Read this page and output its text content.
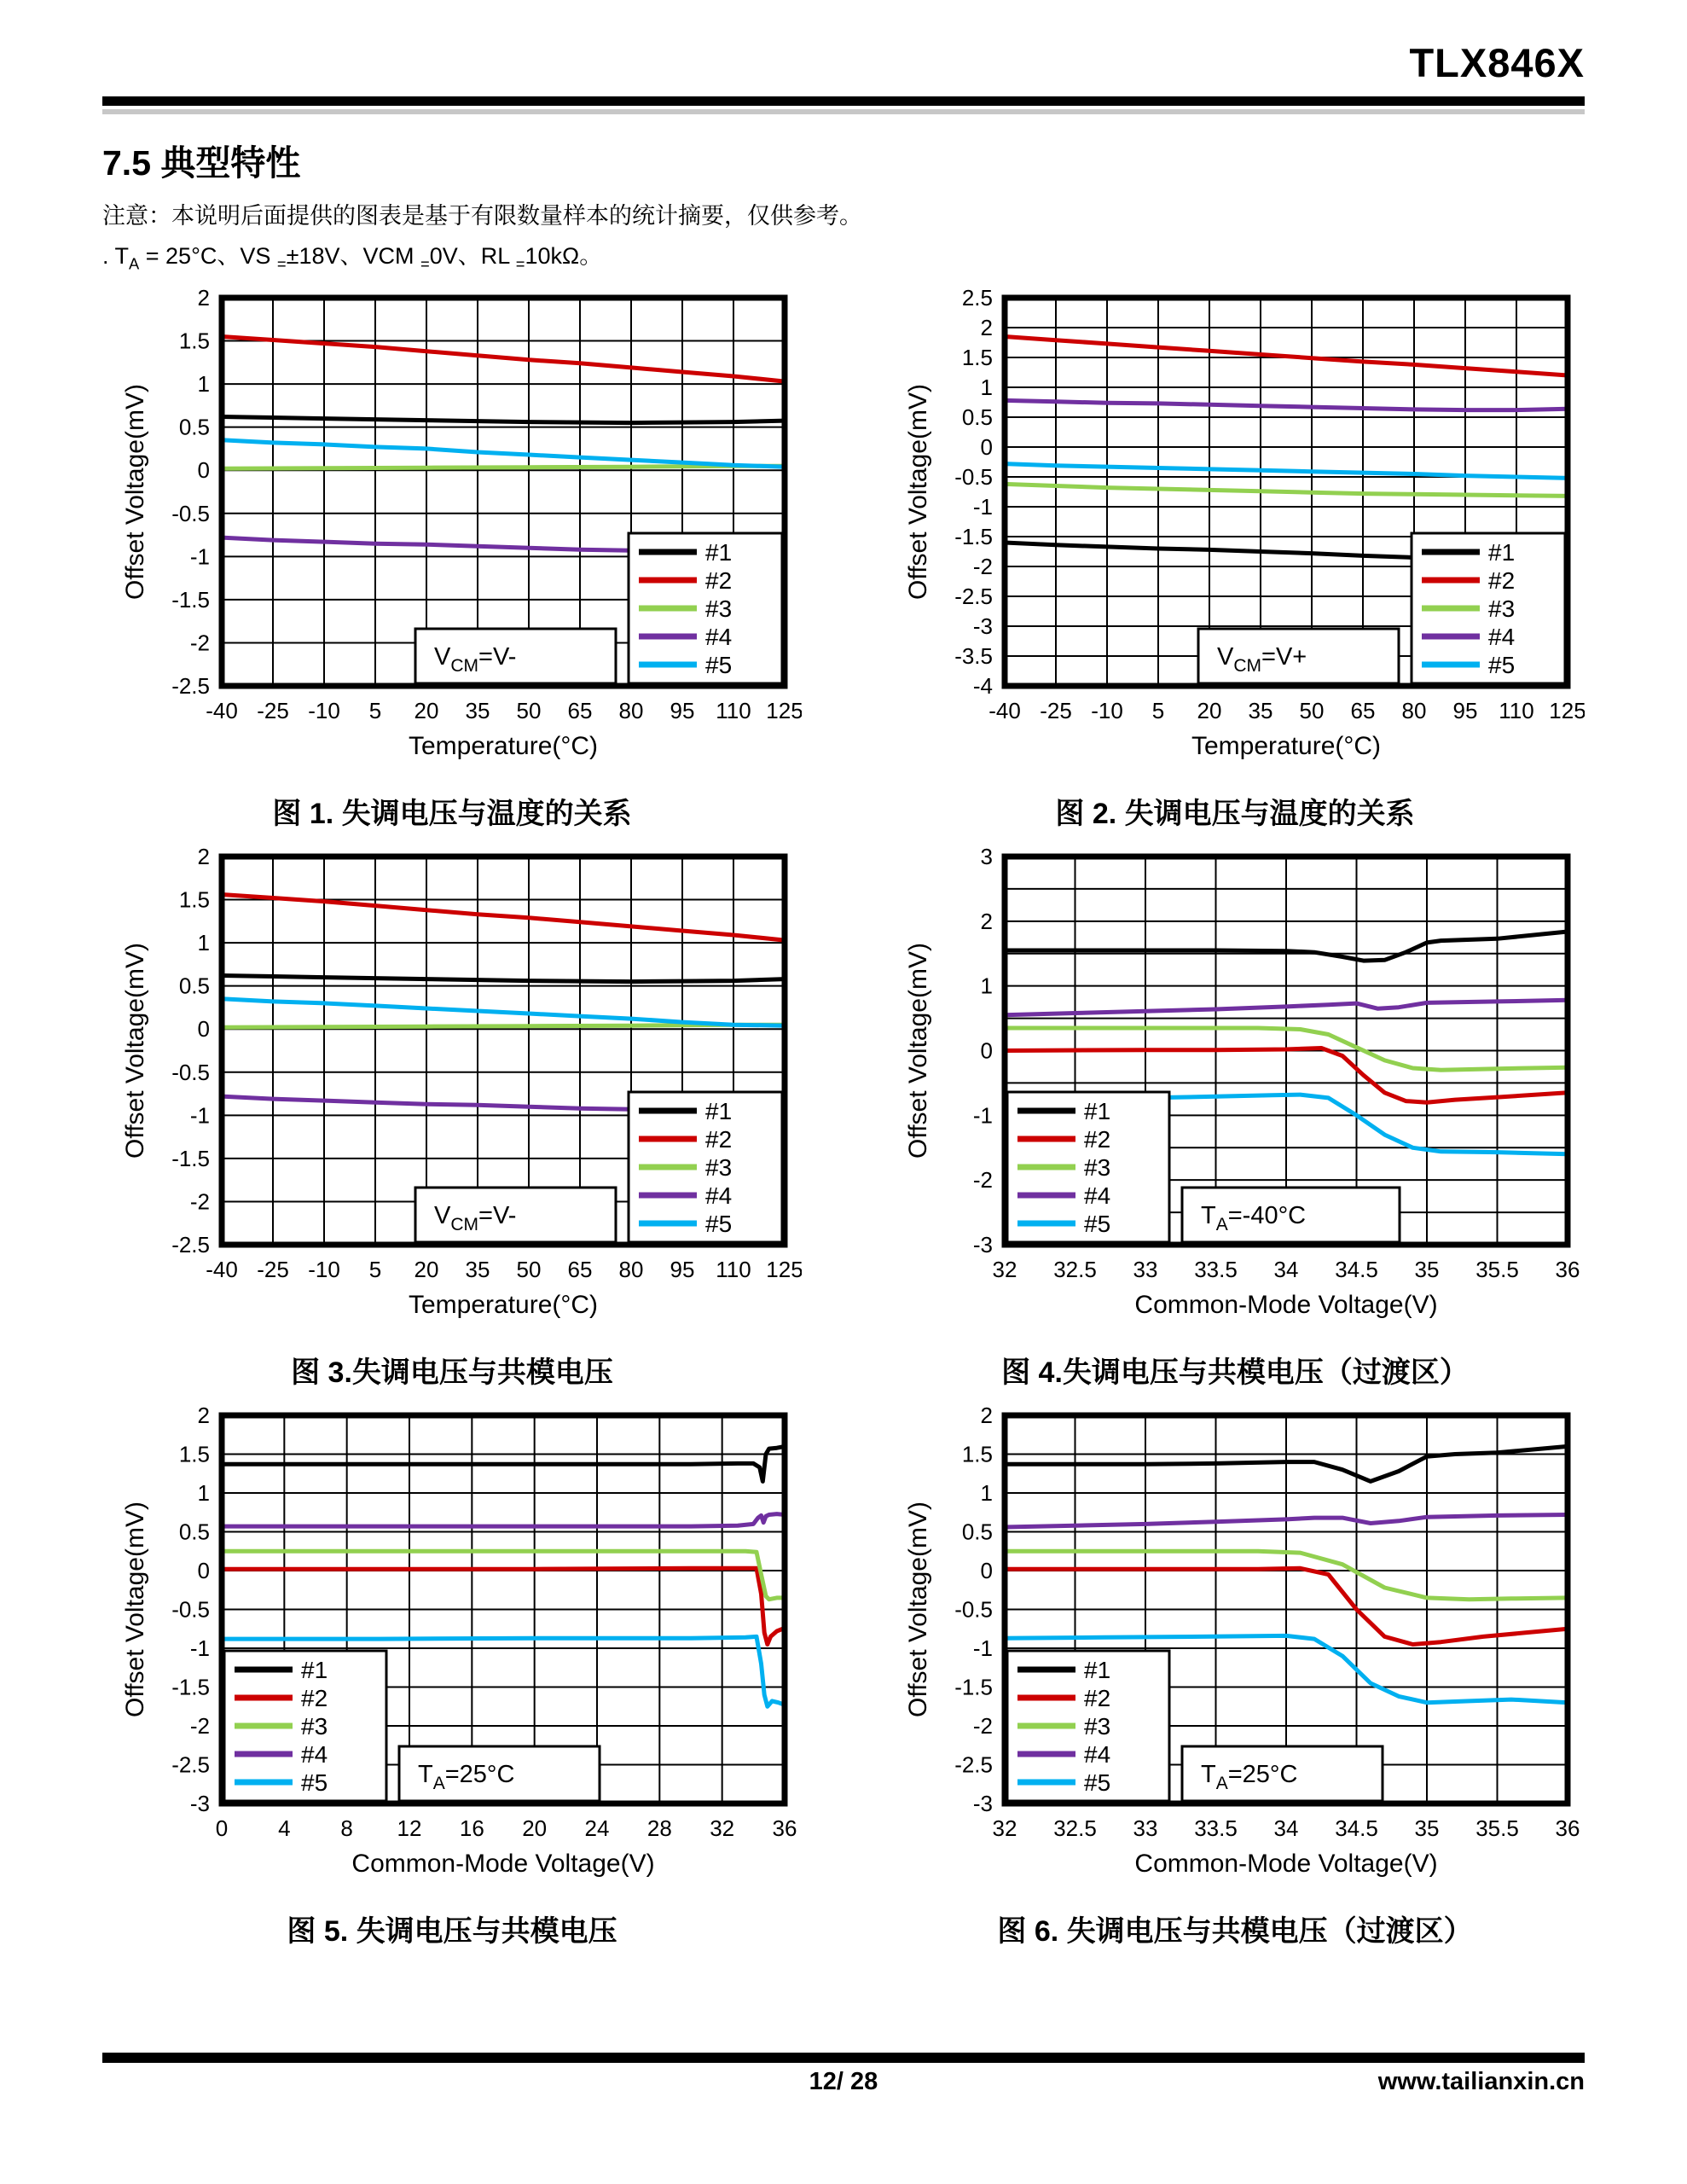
TLX846X
7.5 典型特性
注意：本说明后面提供的图表是基于有限数量样本的统计摘要，仅供参考。
. $T_A = 25^\circ C$、VS $_=$±18V、VCM $_=$0V、RL $_=$10kΩ。
#1
#2
#3
#4
#5
$V_{CM}=V-$
-40 -25 -10 5 20 35 50 65 80 95 110 125
Temperature(°C)
2
1.5
1
0.5
0
-0.5
-1
-1.5
-2
-2.5
Offset Voltage(mV)
图 1. 失调电压与温度的关系
#1
#2
#3
#4
#5
$V_{CM}=V+$
-40 -25 -10 5 20 35 50 65 80 95 110 125
Temperature(°C)
2.5
2
1.5
1
0.5
0
-0.5
-1
-1.5
-2
-2.5
-3
-3.5
-4
Offset Voltage(mV)
图 2. 失调电压与温度的关系
#1
#2
#3
#4
#5
$V_{CM}=V-$
-40 -25 -10 5 20 35 50 65 80 95 110 125
Temperature(°C)
2
1.5
1
0.5
0
-0.5
-1
-1.5
-2
-2.5
Offset Voltage(mV)
图 3.失调电压与共模电压
#1
#2
#3
#4
#5	$T_A=-40^\circ C$
32 32.5 33 33.5 34 34.5 35 35.5 36
Common-Mode Voltage(V)
3
2
1
0
-1
-2
-3
Offset Voltage(mV)
图 4.失调电压与共模电压（过渡区）
#1
#2
#3
#4
#5	$T_A=25^\circ C$
0 4 8 12 16 20 24 28 32 36
Common-Mode Voltage(V)
2
1.5
1
0.5
0
-0.5
-1
-1.5
-2
-2.5
-3
Offset Voltage(mV)
图 5. 失调电压与共模电压
#1
#2
#3
#4
#5	$T_A=25^\circ C$
32 32.5 33 33.5 34 34.5 35 35.5 36
Common-Mode Voltage(V)
2
1.5
1
0.5
0
-0.5
-1
-1.5
-2
-2.5
-3
Offset Voltage(mV)
图 6. 失调电压与共模电压（过渡区）
12/ 28	www.tailianxin.cn
